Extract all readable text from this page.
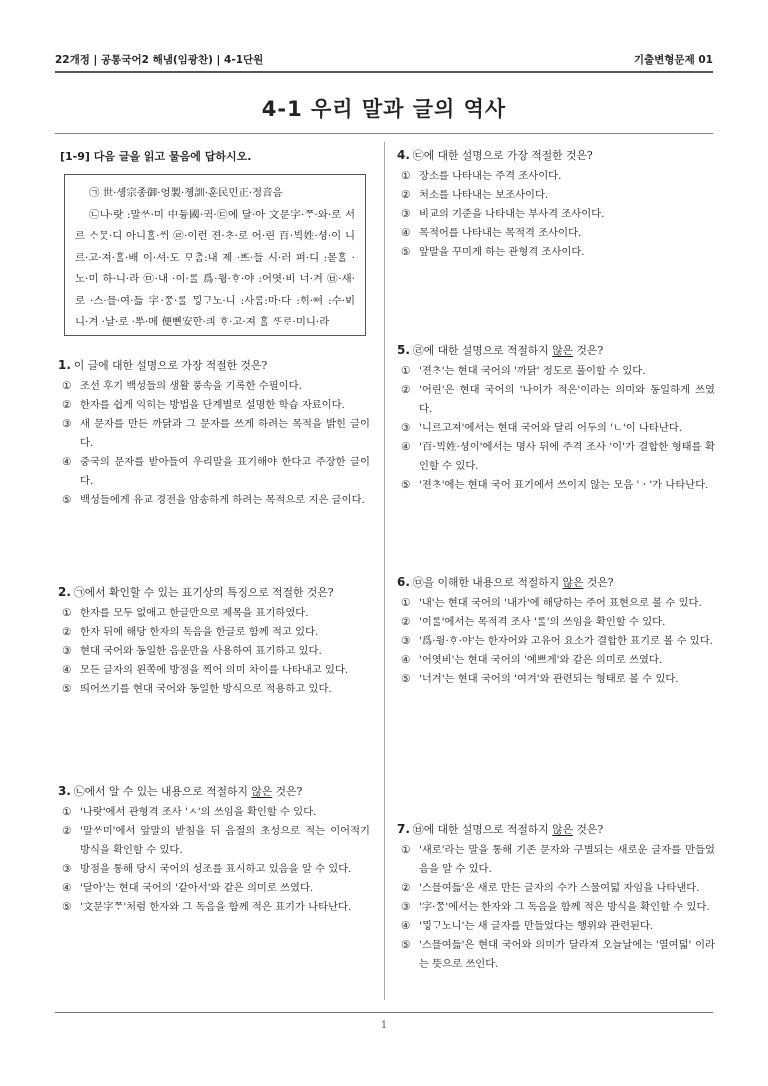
22개정 | 공통국어2 해냄(임광찬) | 4-1단원	기출변형문제 01
4-1 우리 말과 글의 역사
[1-9] 다음 글을 읽고 물음에 답하시오.
㉠ 世·솅宗종御·엉製·졩訓·훈民민正·정音음
㉡나·랏 :말ᄊᆞ·미 中듕國·귁·㉢에 달·아 文문字·ᄍᆞ·와·로 서르 ᄉᆞᄆᆞᆺ·디 아니ᄒᆞᆯ·ᄊᆡ ㉣·이런 젼·ᄎᆞ·로 어·린 百·ᄇᆡᆨ姓·셩·이 니르·고·져·ᄒᆞᆯ·배 이·셔·도 ᄆᆞᄎᆞᆷ:내 제 ·ᄠᅳ·들 시·러 펴·디 :몯ᄒᆞᆯ ·노·미 하·니·라 ㉤·내 ·이·ᄅᆞᆯ 爲·윙·ᄒᆞ·야 :어엿·비 너·겨 ㉥·새·로 ·스·믈·여·듧 字·ᄍᆞᆼ·ᄅᆞᆯ ᄆᆡᇰᄀᆞ노·니 :사ᄅᆞᆷ:마·다 :ᄒᆡ·ᅇᅧ :수·ᄫᅵ 니·겨 ·날·로 ·ᄡᅮ·메 便뼌安ᅙᅡᆫ·킈 ᄒᆞ·고·져 ᄒᆞᆯ ᄯᆞᄅᆞ·미니·라
1. 이 글에 대한 설명으로 가장 적절한 것은?
① 조선 후기 백성들의 생활 풍속을 기록한 수필이다.
② 한자를 쉽게 익히는 방법을 단계별로 설명한 학습 자료이다.
③ 새 문자를 만든 까닭과 그 문자를 쓰게 하려는 목적을 밝힌 글이다.
④ 중국의 문자를 받아들여 우리말을 표기해야 한다고 주장한 글이다.
⑤ 백성들에게 유교 경전을 암송하게 하려는 목적으로 지은 글이다.
2. ㉠에서 확인할 수 있는 표기상의 특징으로 적절한 것은?
① 한자를 모두 없애고 한글만으로 제목을 표기하였다.
② 한자 뒤에 해당 한자의 독음을 한글로 함께 적고 있다.
③ 현대 국어와 동일한 음운만을 사용하여 표기하고 있다.
④ 모든 글자의 왼쪽에 방점을 찍어 의미 차이를 나타내고 있다.
⑤ 띄어쓰기를 현대 국어와 동일한 방식으로 적용하고 있다.
3. ㉡에서 알 수 있는 내용으로 적절하지 않은 것은?
① '나랏'에서 관형격 조사 'ㅅ'의 쓰임을 확인할 수 있다.
② '말ᄊᆞ미'에서 앞말의 받침을 뒤 음절의 초성으로 적는 이어적기 방식을 확인할 수 있다.
③ 방점을 통해 당시 국어의 성조를 표시하고 있음을 알 수 있다.
④ '달아'는 현대 국어의 '같아서'와 같은 의미로 쓰였다.
⑤ '文문字ᄍᆞ'처럼 한자와 그 독음을 함께 적은 표기가 나타난다.
4. ㉢에 대한 설명으로 가장 적절한 것은?
① 장소를 나타내는 주격 조사이다.
② 처소를 나타내는 보조사이다.
③ 비교의 기준을 나타내는 부사격 조사이다.
④ 목적어를 나타내는 목적격 조사이다.
⑤ 앞말을 꾸미게 하는 관형격 조사이다.
5. ㉣에 대한 설명으로 적절하지 않은 것은?
① '젼ᄎᆞ'는 현대 국어의 '까닭' 정도로 풀이할 수 있다.
② '어린'은 현대 국어의 '나이가 적은'이라는 의미와 동일하게 쓰였다.
③ '니르고져'에서는 현대 국어와 달리 어두의 'ㄴ'이 나타난다.
④ '百·ᄇᆡᆨ姓·셩이'에서는 명사 뒤에 주격 조사 '이'가 결합한 형태를 확인할 수 있다.
⑤ '젼ᄎᆞ'에는 현대 국어 표기에서 쓰이지 않는 모음 'ㆍ'가 나타난다.
6. ㉤을 이해한 내용으로 적절하지 않은 것은?
① '내'는 현대 국어의 '내가'에 해당하는 주어 표현으로 볼 수 있다.
② '이ᄅᆞᆯ'에서는 목적격 조사 'ᄅᆞᆯ'의 쓰임을 확인할 수 있다.
③ '爲·윙·ᄒᆞ·야'는 한자어와 고유어 요소가 결합한 표기로 볼 수 있다.
④ '어엿비'는 현대 국어의 '예쁘게'와 같은 의미로 쓰였다.
⑤ '너겨'는 현대 국어의 '여겨'와 관련되는 형태로 볼 수 있다.
7. ㉥에 대한 설명으로 적절하지 않은 것은?
① '새로'라는 말을 통해 기존 문자와 구별되는 새로운 글자를 만들었음을 알 수 있다.
② '스믈여듧'은 새로 만든 글자의 수가 스물여덟 자임을 나타낸다.
③ '字·ᄍᆞᆼ'에서는 한자와 그 독음을 함께 적은 방식을 확인할 수 있다.
④ 'ᄆᆡᇰᄀᆞ노니'는 새 글자를 만들었다는 행위와 관련된다.
⑤ '스믈여듧'은 현대 국어와 의미가 달라져 오늘날에는 '열여덟' 이라는 뜻으로 쓰인다.
1
